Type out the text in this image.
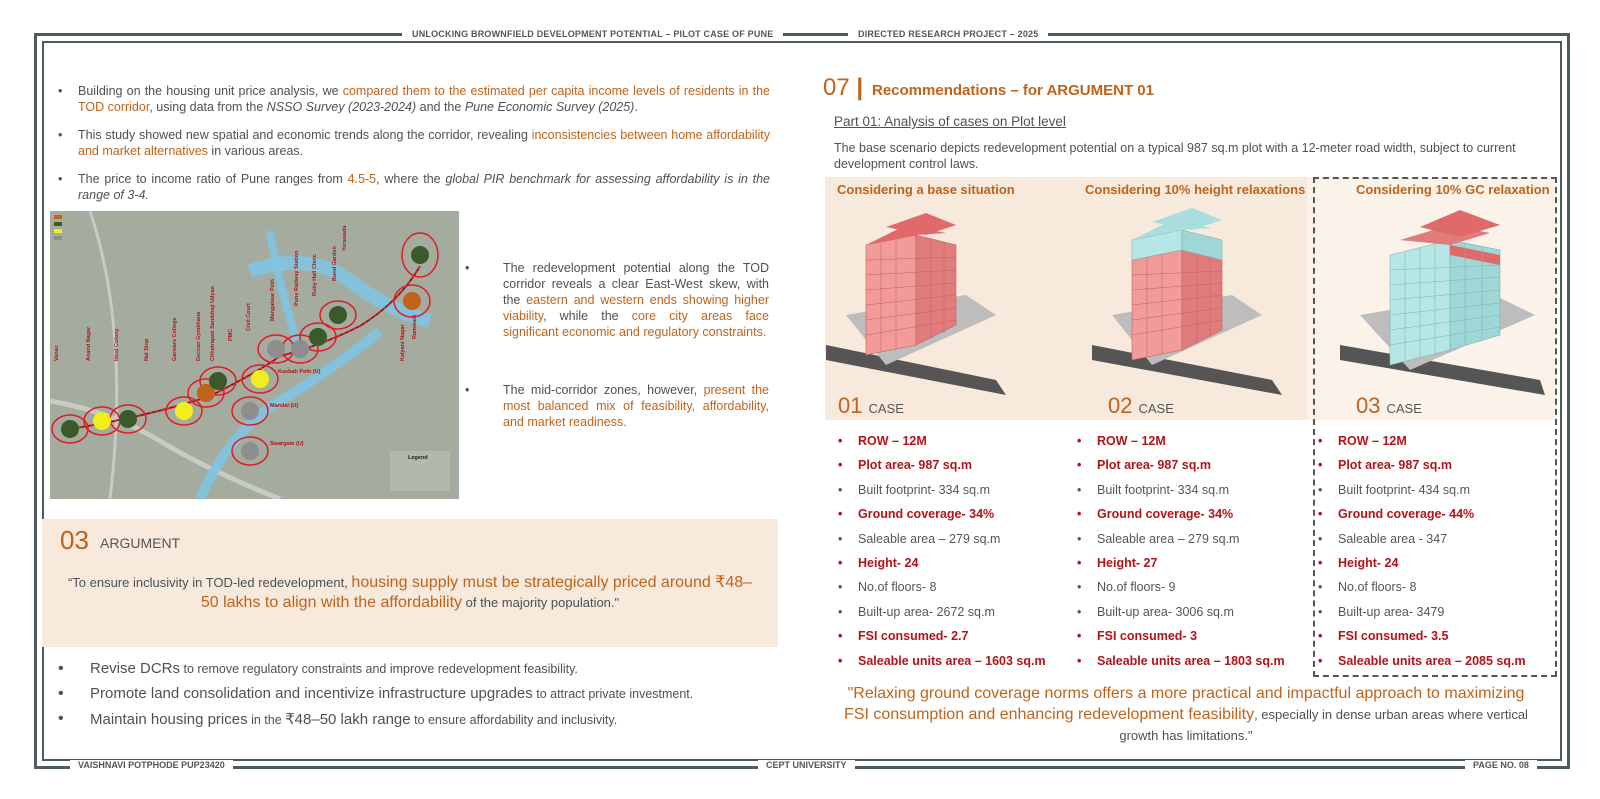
UNLOCKING BROWNFIELD DEVELOPMENT POTENTIAL – PILOT CASE OF PUNE	DIRECTED RESEARCH PROJECT – 2025
VAISHNAVI POTPHODE PUP23420	CEPT UNIVERSITY	PAGE NO. 08
• Building on the housing unit price analysis, we compared them to the estimated per capita income levels of residents in the TOD corridor, using data from the NSSO Survey (2023-2024) and the Pune Economic Survey (2025).
• This study showed new spatial and economic trends along the corridor, revealing inconsistencies between home affordability and market alternatives in various areas.
• The price to income ratio of Pune ranges from 4.5-5, where the global PIR benchmark for assessing affordability is in the range of 3-4.
Vanaz	Anand Nagar	Ideal Colony	Nal Stop	Garware College	Deccan Gymkhana Chhatrapati Sambhaji Udyan PMC
Civil Court	Mangalwar Peth	Pune Railway Station Ruby Hall Clinic	Bund Garden
Yerawada
Kalyani Nagar Ramwadi
Kasbah Peth (U)
Mandai (U)
Swargate (U)
Legend
• The redevelopment potential along the TOD corridor reveals a clear East-West skew, with the eastern and western ends showing higher viability, while the core city areas face significant economic and regulatory constraints.
• The mid-corridor zones, however, present the most balanced mix of feasibility, affordability, and market readiness.
03 ARGUMENT
“To ensure inclusivity in TOD-led redevelopment, housing supply must be strategically priced around ₹48–50 lakhs to align with the affordability of the majority population."
• Revise DCRs to remove regulatory constraints and improve redevelopment feasibility.
• Promote land consolidation and incentivize infrastructure upgrades to attract private investment.
• Maintain housing prices in the ₹48–50 lakh range to ensure affordability and inclusivity.
07 | Recommendations – for ARGUMENT 01
Part 01: Analysis of cases on Plot level
The base scenario depicts redevelopment potential on a typical 987 sq.m plot with a 12-meter road width, subject to current development control laws.
Considering a base situation	Considering 10% height relaxations	Considering 10% GC relaxation
01 CASE	02 CASE	03 CASE
• ROW – 12M
• Plot area- 987 sq.m
• Built footprint- 334 sq.m
• Ground coverage- 34%
• Saleable area – 279 sq.m
• Height- 24
• No.of floors- 8
• Built-up area- 2672 sq.m
• FSI consumed- 2.7
• Saleable units area – 1603 sq.m
• ROW – 12M
• Plot area- 987 sq.m
• Built footprint- 334 sq.m
• Ground coverage- 34%
• Saleable area – 279 sq.m
• Height- 27
• No.of floors- 9
• Built-up area- 3006 sq.m
• FSI consumed- 3
• Saleable units area – 1803 sq.m
• ROW – 12M
• Plot area- 987 sq.m
• Built footprint- 434 sq.m
• Ground coverage- 44%
• Saleable area - 347
• Height- 24
• No.of floors- 8
• Built-up area- 3479
• FSI consumed- 3.5
• Saleable units area – 2085 sq.m
"Relaxing ground coverage norms offers a more practical and impactful approach to maximizing FSI consumption and enhancing redevelopment feasibility, especially in dense urban areas where vertical growth has limitations."
